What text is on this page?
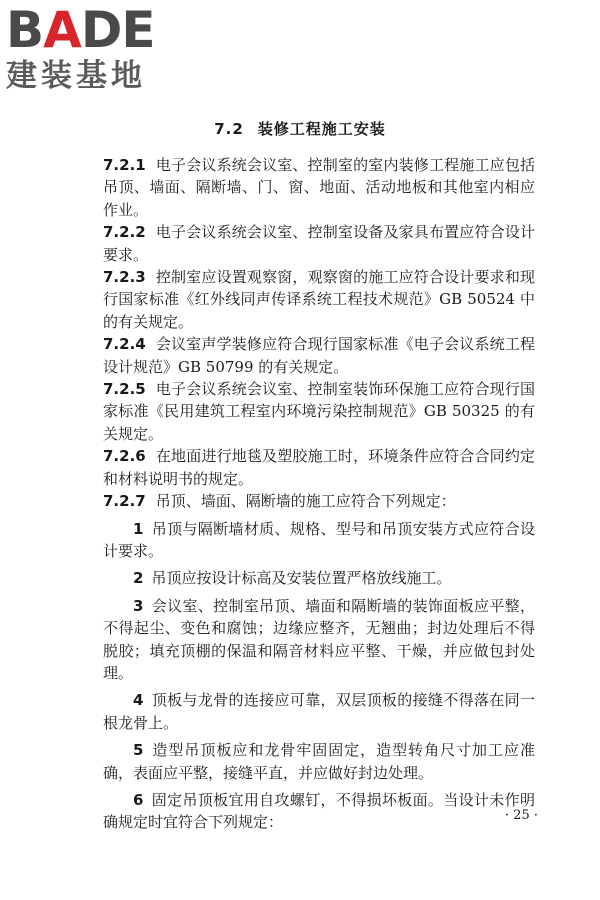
BADE
建装基地
7.2 装修工程施工安装

7.2.1 电子会议系统会议室、控制室的室内装修工程施工应包括吊顶、墙面、隔断墙、门、窗、地面、活动地板和其他室内相应作业。

7.2.2 电子会议系统会议室、控制室设备及家具布置应符合设计要求。

7.2.3 控制室应设置观察窗，观察窗的施工应符合设计要求和现行国家标准《红外线同声传译系统工程技术规范》GB 50524 中的有关规定。

7.2.4 会议室声学装修应符合现行国家标准《电子会议系统工程设计规范》GB 50799 的有关规定。

7.2.5 电子会议系统会议室、控制室装饰环保施工应符合现行国家标准《民用建筑工程室内环境污染控制规范》GB 50325 的有关规定。

7.2.6 在地面进行地毯及塑胶施工时，环境条件应符合合同约定和材料说明书的规定。

7.2.7 吊顶、墙面、隔断墙的施工应符合下列规定：

1 吊顶与隔断墙材质、规格、型号和吊顶安装方式应符合设计要求。

2 吊顶应按设计标高及安装位置严格放线施工。

3 会议室、控制室吊顶、墙面和隔断墙的装饰面板应平整，不得起尘、变色和腐蚀；边缘应整齐，无翘曲；封边处理后不得脱胶；填充顶棚的保温和隔音材料应平整、干燥，并应做包封处理。

4 顶板与龙骨的连接应可靠，双层顶板的接缝不得落在同一根龙骨上。

5 造型吊顶板应和龙骨牢固固定，造型转角尺寸加工应准确，表面应平整，接缝平直，并应做好封边处理。

6 固定吊顶板宜用自攻螺钉，不得损坏板面。当设计未作明确规定时宜符合下列规定：	· 25 ·
